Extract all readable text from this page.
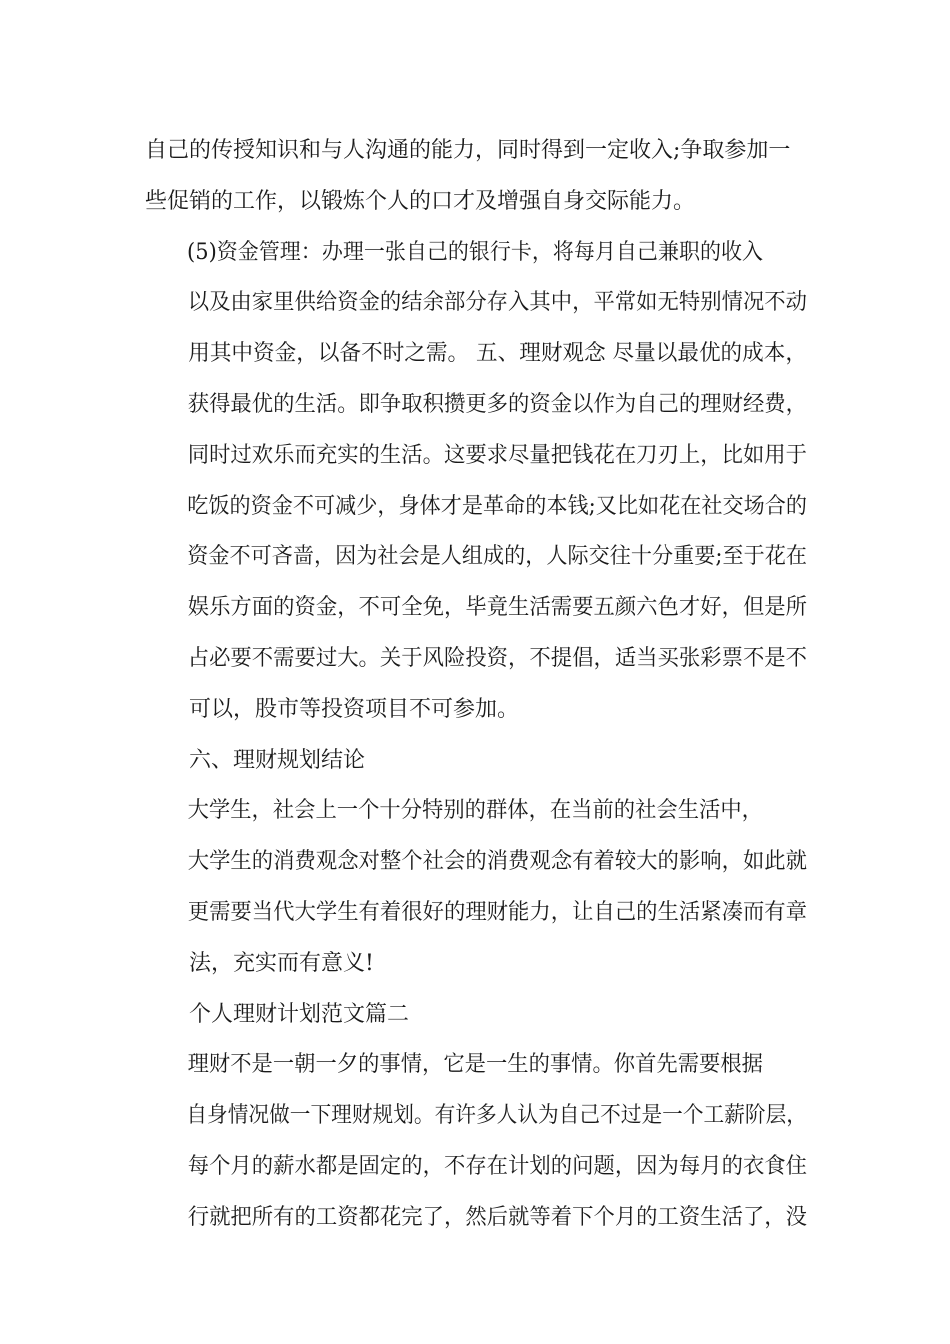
自己的传授知识和与人沟通的能力，同时得到一定收入;争取参加一
些促销的工作，以锻炼个人的口才及增强自身交际能力。
(5)资金管理：办理一张自己的银行卡，将每月自己兼职的收入
以及由家里供给资金的结余部分存入其中，平常如无特别情况不动
用其中资金，以备不时之需。 五、理财观念 尽量以最优的成本，
获得最优的生活。即争取积攒更多的资金以作为自己的理财经费，
同时过欢乐而充实的生活。这要求尽量把钱花在刀刃上，比如用于
吃饭的资金不可减少，身体才是革命的本钱;又比如花在社交场合的
资金不可吝啬，因为社会是人组成的，人际交往十分重要;至于花在
娱乐方面的资金，不可全免，毕竟生活需要五颜六色才好，但是所
占必要不需要过大。关于风险投资，不提倡，适当买张彩票不是不
可以，股市等投资项目不可参加。
六、理财规划结论
大学生，社会上一个十分特别的群体，在当前的社会生活中，
大学生的消费观念对整个社会的消费观念有着较大的影响，如此就
更需要当代大学生有着很好的理财能力，让自己的生活紧凑而有章
法，充实而有意义!
个人理财计划范文篇二
理财不是一朝一夕的事情，它是一生的事情。你首先需要根据
自身情况做一下理财规划。有许多人认为自己不过是一个工薪阶层，
每个月的薪水都是固定的，不存在计划的问题，因为每月的衣食住
行就把所有的工资都花完了，然后就等着下个月的工资生活了，没
